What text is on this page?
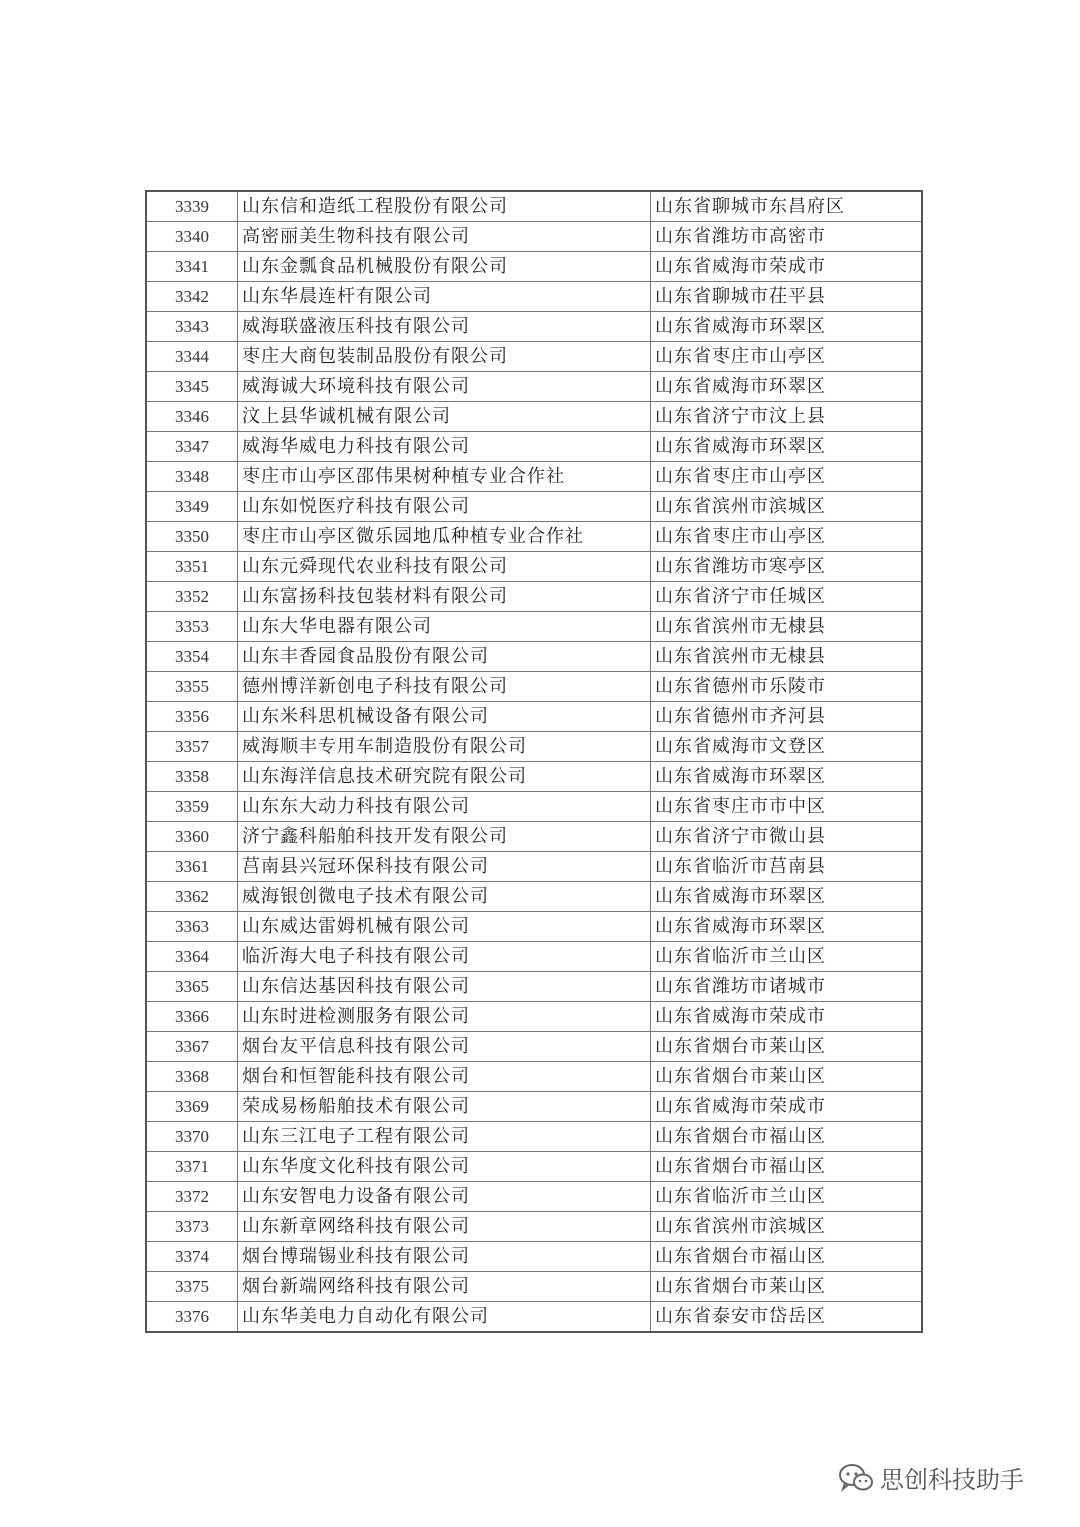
3339	山东信和造纸工程股份有限公司	山东省聊城市东昌府区
3340	高密丽美生物科技有限公司	山东省潍坊市高密市
3341	山东金瓢食品机械股份有限公司	山东省威海市荣成市
3342	山东华晨连杆有限公司	山东省聊城市茌平县
3343	威海联盛液压科技有限公司	山东省威海市环翠区
3344	枣庄大商包装制品股份有限公司	山东省枣庄市山亭区
3345	威海诚大环境科技有限公司	山东省威海市环翠区
3346	汶上县华诚机械有限公司	山东省济宁市汶上县
3347	威海华威电力科技有限公司	山东省威海市环翠区
3348	枣庄市山亭区邵伟果树种植专业合作社	山东省枣庄市山亭区
3349	山东如悦医疗科技有限公司	山东省滨州市滨城区
3350	枣庄市山亭区微乐园地瓜种植专业合作社	山东省枣庄市山亭区
3351	山东元舜现代农业科技有限公司	山东省潍坊市寒亭区
3352	山东富扬科技包装材料有限公司	山东省济宁市任城区
3353	山东大华电器有限公司	山东省滨州市无棣县
3354	山东丰香园食品股份有限公司	山东省滨州市无棣县
3355	德州博洋新创电子科技有限公司	山东省德州市乐陵市
3356	山东米科思机械设备有限公司	山东省德州市齐河县
3357	威海顺丰专用车制造股份有限公司	山东省威海市文登区
3358	山东海洋信息技术研究院有限公司	山东省威海市环翠区
3359	山东东大动力科技有限公司	山东省枣庄市市中区
3360	济宁鑫科船舶科技开发有限公司	山东省济宁市微山县
3361	莒南县兴冠环保科技有限公司	山东省临沂市莒南县
3362	威海银创微电子技术有限公司	山东省威海市环翠区
3363	山东威达雷姆机械有限公司	山东省威海市环翠区
3364	临沂海大电子科技有限公司	山东省临沂市兰山区
3365	山东信达基因科技有限公司	山东省潍坊市诸城市
3366	山东时进检测服务有限公司	山东省威海市荣成市
3367	烟台友平信息科技有限公司	山东省烟台市莱山区
3368	烟台和恒智能科技有限公司	山东省烟台市莱山区
3369	荣成易杨船舶技术有限公司	山东省威海市荣成市
3370	山东三江电子工程有限公司	山东省烟台市福山区
3371	山东华度文化科技有限公司	山东省烟台市福山区
3372	山东安智电力设备有限公司	山东省临沂市兰山区
3373	山东新章网络科技有限公司	山东省滨州市滨城区
3374	烟台博瑞锡业科技有限公司	山东省烟台市福山区
3375	烟台新端网络科技有限公司	山东省烟台市莱山区
3376	山东华美电力自动化有限公司	山东省泰安市岱岳区
思创科技助手
